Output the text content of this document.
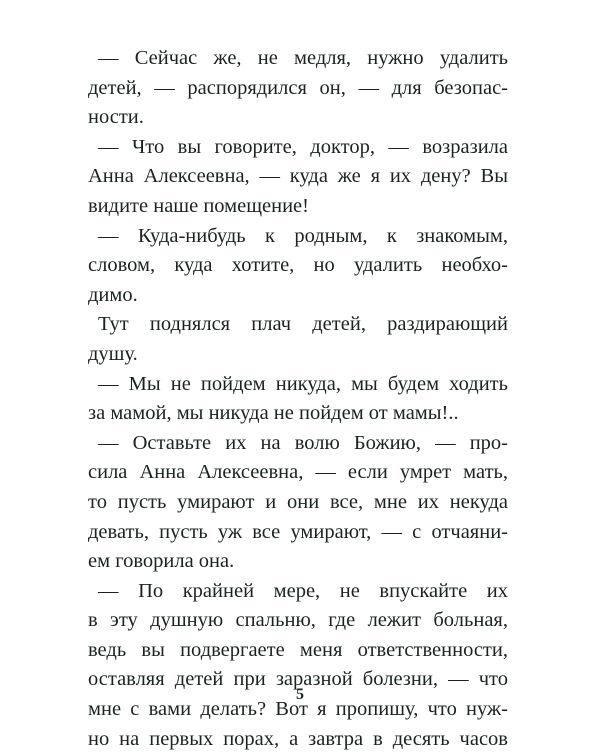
— Сейчас же, не медля, нужно удалить
детей, — распорядился он, — для безопас-
ности.
— Что вы говорите, доктор, — возразила
Анна Алексеевна, — куда же я их дену? Вы
видите наше помещение!
— Куда-нибудь к родным, к знакомым,
словом, куда хотите, но удалить необхо-
димо.
Тут поднялся плач детей, раздирающий
душу.
— Мы не пойдем никуда, мы будем ходить
за мамой, мы никуда не пойдем от мамы!..
— Оставьте их на волю Божию, — про-
сила Анна Алексеевна, — если умрет мать,
то пусть умирают и они все, мне их некуда
девать, пусть уж все умирают, — с отчаяни-
ем говорила она.
— По крайней мере, не впускайте их
в эту душную спальню, где лежит больная,
ведь вы подвергаете меня ответственности,
оставляя детей при заразной болезни, — что
мне с вами делать? Вот я пропишу, что нуж-
но на первых порах, а завтра в десять часов
5
